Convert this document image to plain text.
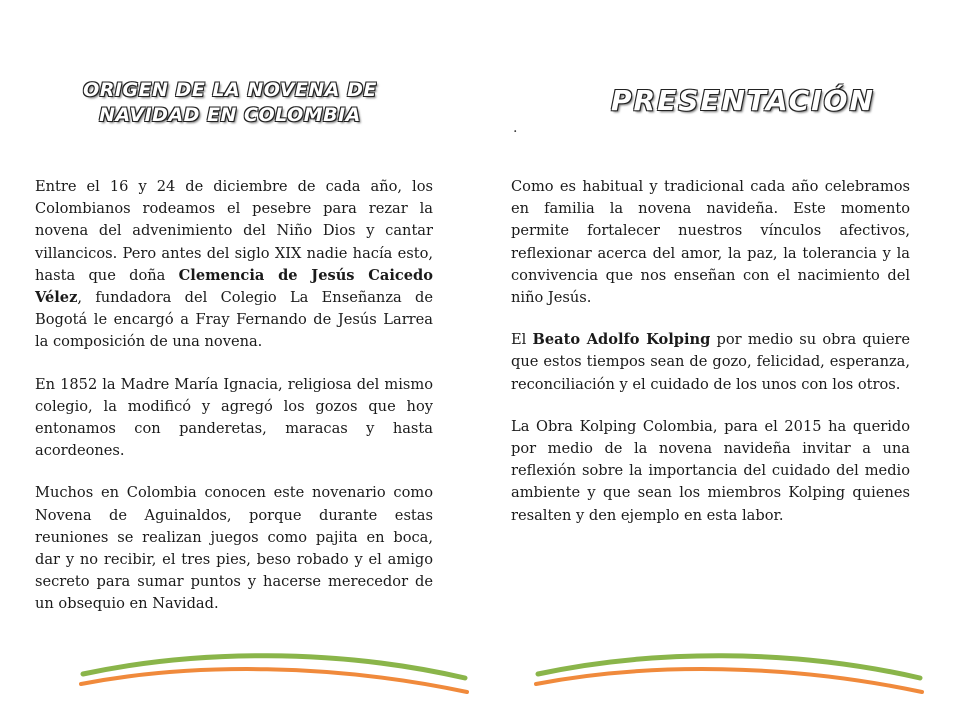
ORIGEN DE LA NOVENA DE
NAVIDAD EN COLOMBIA

Entre el 16 y 24 de diciembre de cada año, los Colombianos rodeamos el pesebre para rezar la novena del advenimiento del Niño Dios y cantar villancicos. Pero antes del siglo XIX nadie hacía esto, hasta que doña Clemencia de Jesús Caicedo Vélez, fundadora del Colegio La Enseñanza de Bogotá le encargó a Fray Fernando de Jesús Larrea la composición de una novena.

En 1852 la Madre María Ignacia, religiosa del mismo colegio, la modificó y agregó los gozos que hoy entonamos con panderetas, maracas y hasta acordeones.

Muchos en Colombia conocen este novenario como Novena de Aguinaldos, porque durante estas reuniones se realizan juegos como pajita en boca, dar y no recibir, el tres pies, beso robado y el amigo secreto para sumar puntos y hacerse merecedor de un obsequio en Navidad.

PRESENTACIÓN
.

Como es habitual y tradicional cada año celebramos en familia la novena navideña. Este momento permite fortalecer nuestros vínculos afectivos, reflexionar acerca del amor, la paz, la tolerancia y la convivencia que nos enseñan con el nacimiento del niño Jesús.

El Beato Adolfo Kolping por medio su obra quiere que estos tiempos sean de gozo, felicidad, esperanza, reconciliación y el cuidado de los unos con los otros.

La Obra Kolping Colombia, para el 2015 ha querido por medio de la novena navideña invitar a una reflexión sobre la importancia del cuidado del medio ambiente y que sean los miembros Kolping quienes resalten y den ejemplo en esta labor.
